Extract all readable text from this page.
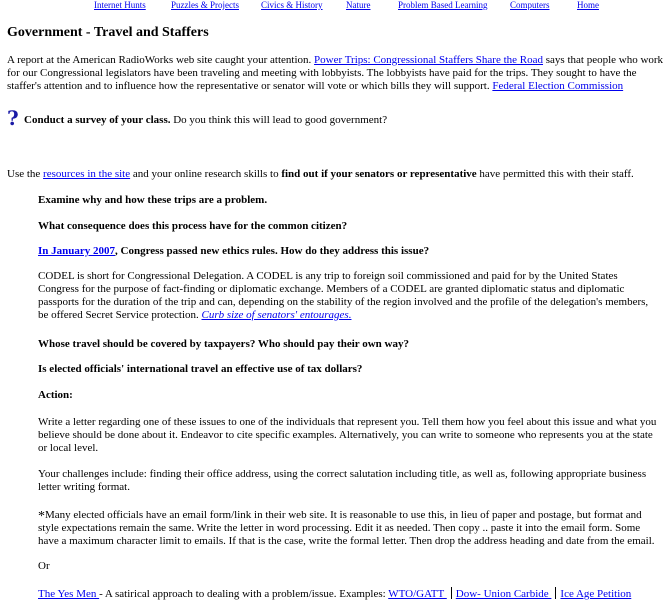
Internet Hunts	Puzzles & Projects Civics & History	Nature	Problem Based Learning	Computers	Home
Government - Travel and Staffers

A report at the American RadioWorks web site caught your attention. Power Trips: Congressional Staffers Share the Road says that people who work for our Congressional legislators have been traveling and meeting with lobbyists. The lobbyists have paid for the trips. They sought to have the staffer's attention and to influence how the representative or senator will vote or which bills they will support. Federal Election Commission

? Conduct a survey of your class. Do you think this will lead to good government?

Use the resources in the site and your online research skills to find out if your senators or representative have permitted this with their staff.

Examine why and how these trips are a problem.

What consequence does this process have for the common citizen?

In January 2007, Congress passed new ethics rules. How do they address this issue?

CODEL is short for Congressional Delegation. A CODEL is any trip to foreign soil commissioned and paid for by the United States Congress for the purpose of fact-finding or diplomatic exchange. Members of a CODEL are granted diplomatic status and diplomatic passports for the duration of the trip and can, depending on the stability of the region involved and the profile of the delegation's members, be offered Secret Service protection. Curb size of senators' entourages.

Whose travel should be covered by taxpayers? Who should pay their own way?

Is elected officials' international travel an effective use of tax dollars?

Action:

Write a letter regarding one of these issues to one of the individuals that represent you. Tell them how you feel about this issue and what you believe should be done about it. Endeavor to cite specific examples. Alternatively, you can write to someone who represents you at the state or local level.

Your challenges include: finding their office address, using the correct salutation including title, as well as, following appropriate business letter writing format.

*Many elected officials have an email form/link in their web site. It is reasonable to use this, in lieu of paper and postage, but format and style expectations remain the same. Write the letter in word processing. Edit it as needed. Then copy .. paste it into the email form. Some have a maximum character limit to emails. If that is the case, write the formal letter. Then drop the address heading and date from the email.

Or

The Yes Men - A satirical approach to dealing with a problem/issue. Examples: WTO/GATT Dow- Union Carbide Ice Age Petition
